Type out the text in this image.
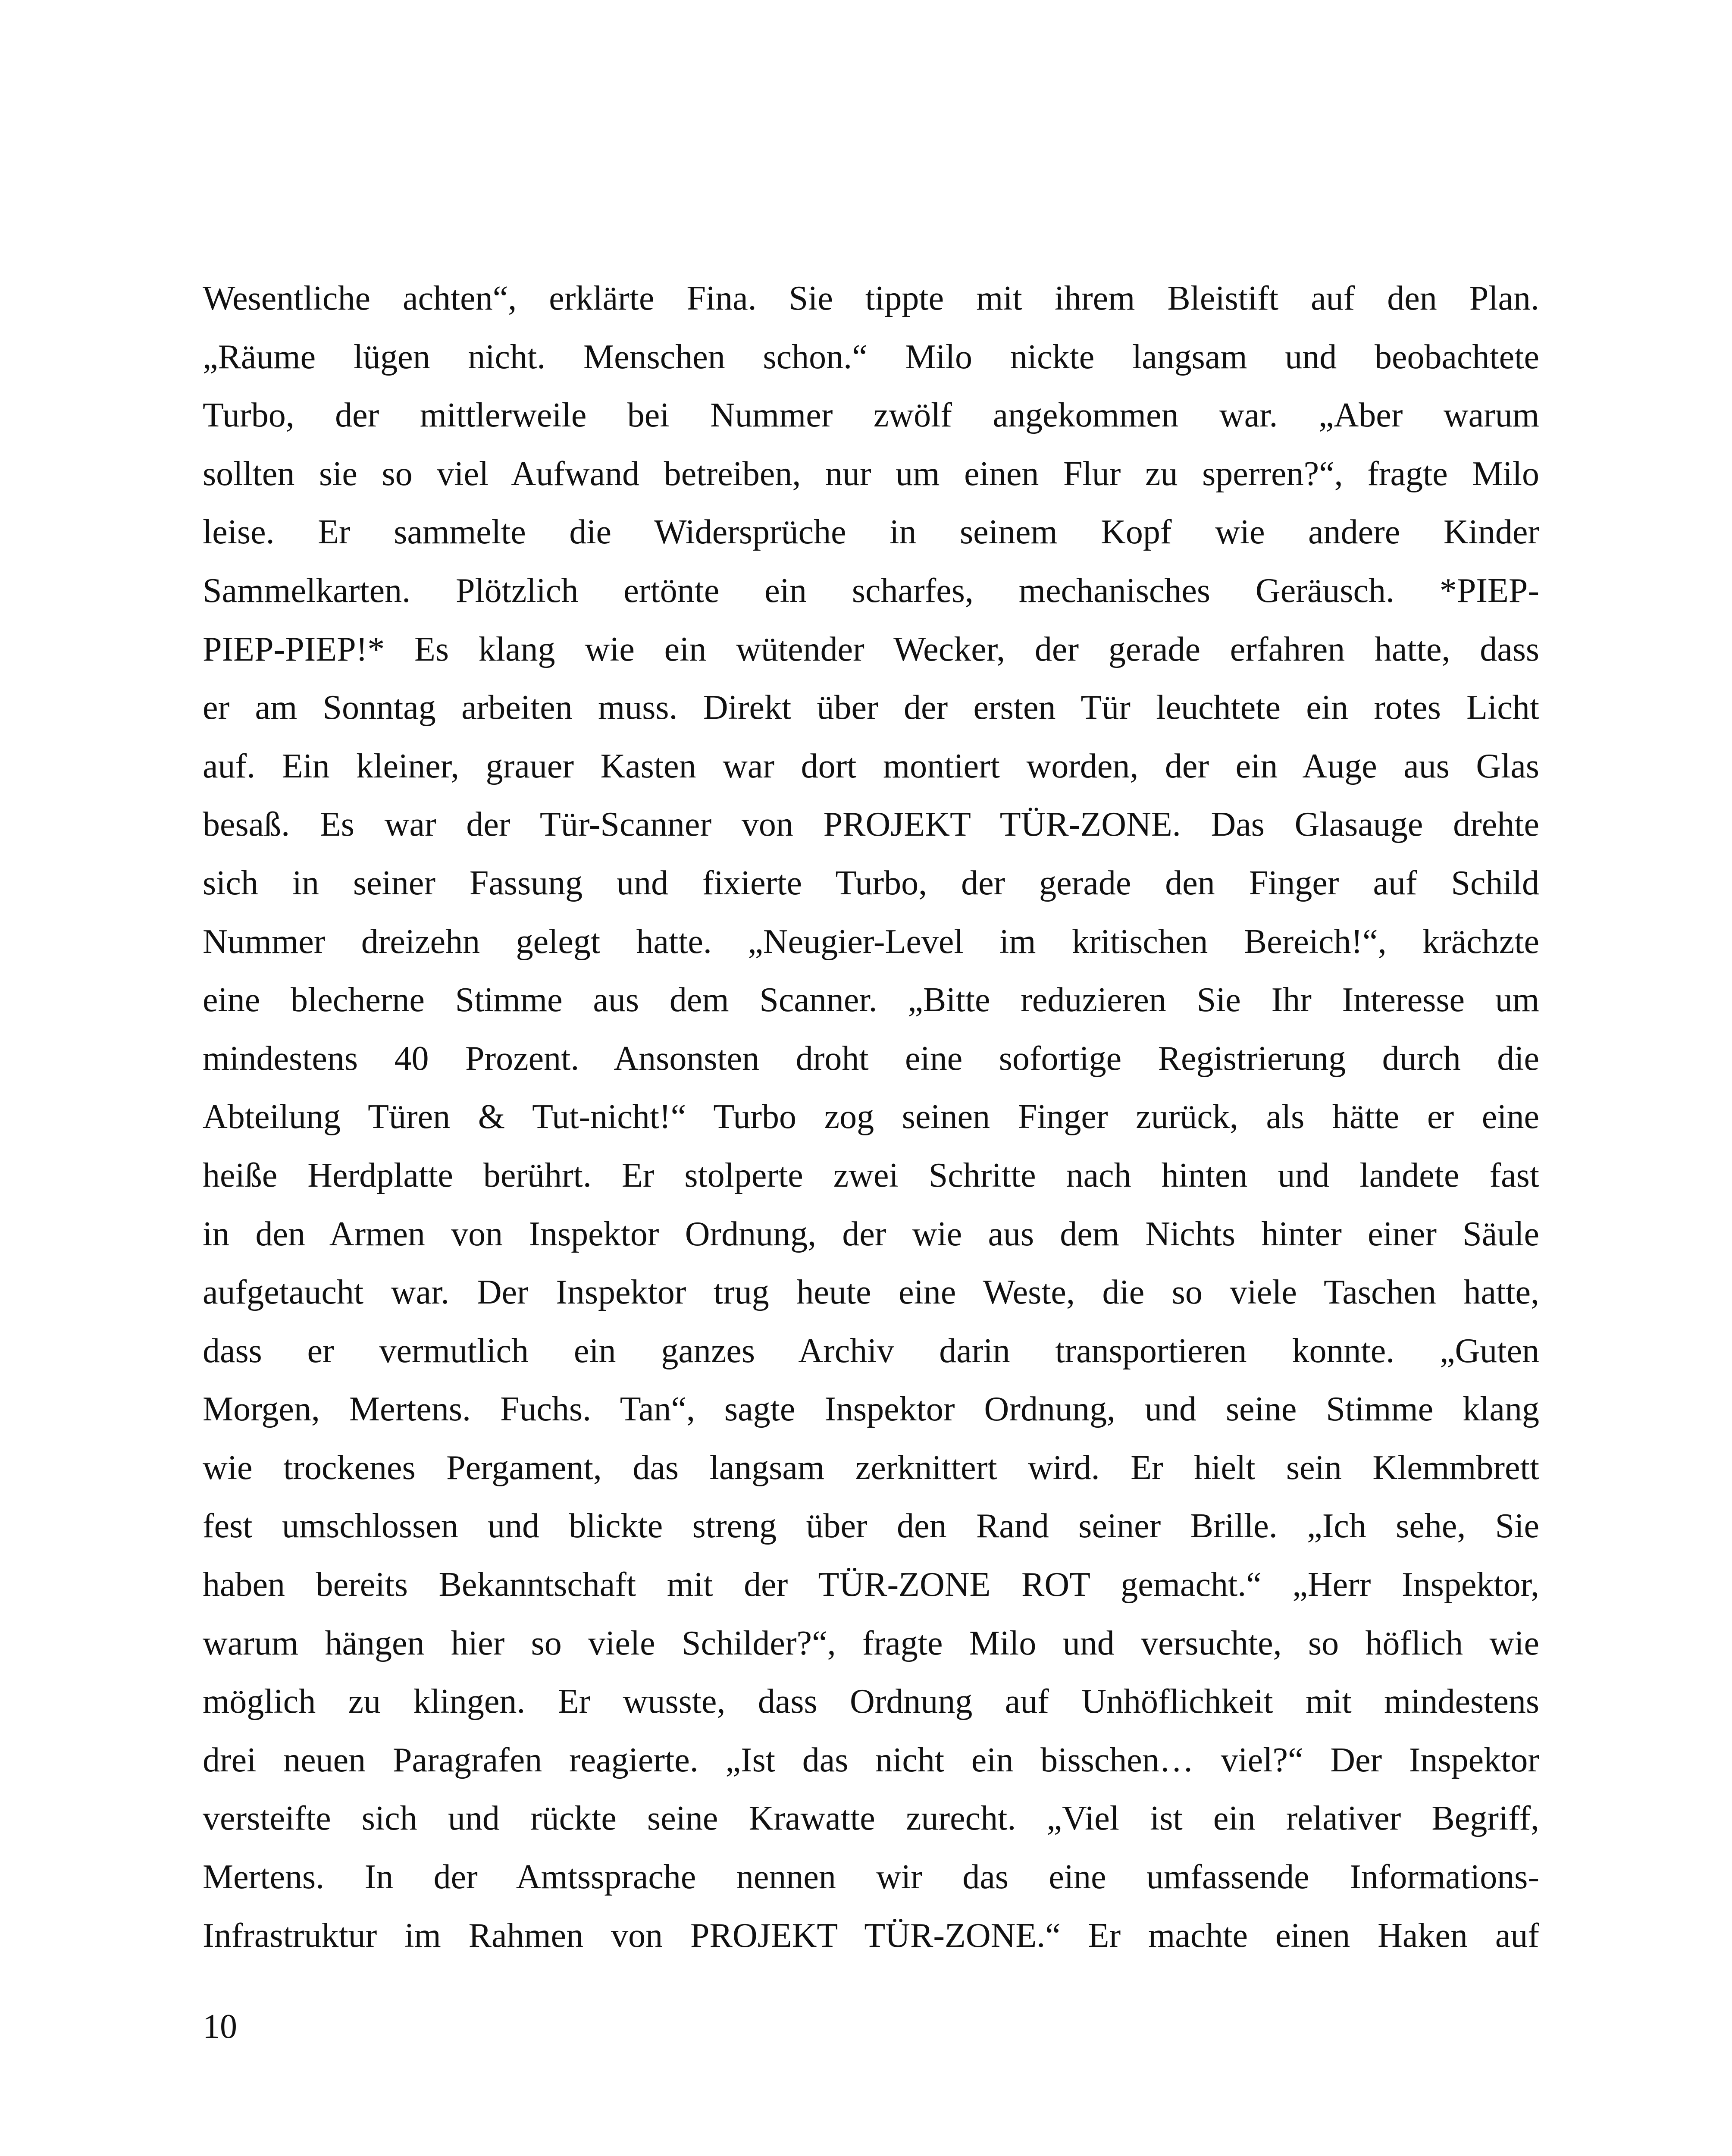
Wesentliche achten“, erklärte Fina. Sie tippte mit ihrem Bleistift auf den Plan.
„Räume lügen nicht. Menschen schon.“ Milo nickte langsam und beobachtete
Turbo, der mittlerweile bei Nummer zwölf angekommen war. „Aber warum
sollten sie so viel Aufwand betreiben, nur um einen Flur zu sperren?“, fragte Milo
leise. Er sammelte die Widersprüche in seinem Kopf wie andere Kinder
Sammelkarten. Plötzlich ertönte ein scharfes, mechanisches Geräusch. *PIEP-
PIEP-PIEP!* Es klang wie ein wütender Wecker, der gerade erfahren hatte, dass
er am Sonntag arbeiten muss. Direkt über der ersten Tür leuchtete ein rotes Licht
auf. Ein kleiner, grauer Kasten war dort montiert worden, der ein Auge aus Glas
besaß. Es war der Tür-Scanner von PROJEKT TÜR-ZONE. Das Glasauge drehte
sich in seiner Fassung und fixierte Turbo, der gerade den Finger auf Schild
Nummer dreizehn gelegt hatte. „Neugier-Level im kritischen Bereich!“, krächzte
eine blecherne Stimme aus dem Scanner. „Bitte reduzieren Sie Ihr Interesse um
mindestens 40 Prozent. Ansonsten droht eine sofortige Registrierung durch die
Abteilung Türen & Tut-nicht!“ Turbo zog seinen Finger zurück, als hätte er eine
heiße Herdplatte berührt. Er stolperte zwei Schritte nach hinten und landete fast
in den Armen von Inspektor Ordnung, der wie aus dem Nichts hinter einer Säule
aufgetaucht war. Der Inspektor trug heute eine Weste, die so viele Taschen hatte,
dass er vermutlich ein ganzes Archiv darin transportieren konnte. „Guten
Morgen, Mertens. Fuchs. Tan“, sagte Inspektor Ordnung, und seine Stimme klang
wie trockenes Pergament, das langsam zerknittert wird. Er hielt sein Klemmbrett
fest umschlossen und blickte streng über den Rand seiner Brille. „Ich sehe, Sie
haben bereits Bekanntschaft mit der TÜR-ZONE ROT gemacht.“ „Herr Inspektor,
warum hängen hier so viele Schilder?“, fragte Milo und versuchte, so höflich wie
möglich zu klingen. Er wusste, dass Ordnung auf Unhöflichkeit mit mindestens
drei neuen Paragrafen reagierte. „Ist das nicht ein bisschen… viel?“ Der Inspektor
versteifte sich und rückte seine Krawatte zurecht. „Viel ist ein relativer Begriff,
Mertens. In der Amtssprache nennen wir das eine umfassende Informations-
Infrastruktur im Rahmen von PROJEKT TÜR-ZONE.“ Er machte einen Haken auf
10
